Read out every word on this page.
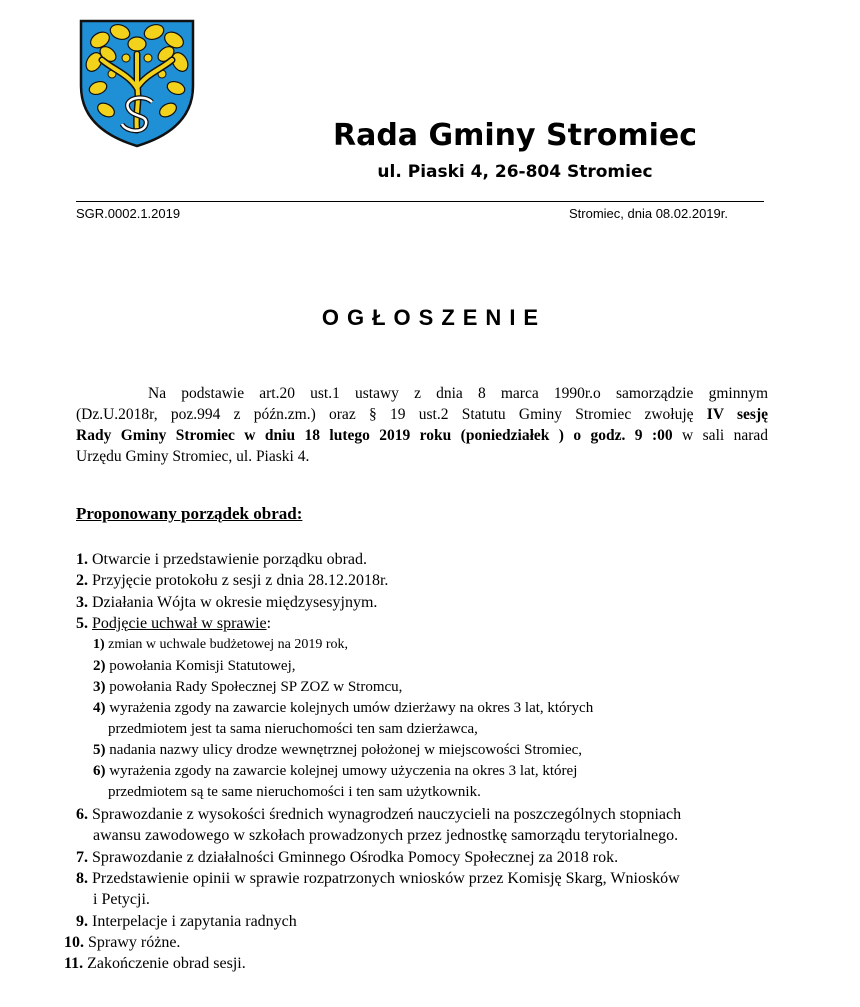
Rada Gminy Stromiec
ul. Piaski 4, 26-804 Stromiec
SGR.0002.1.2019	Stromiec, dnia 08.02.2019r.
OGŁOSZENIE
Na podstawie art.20 ust.1 ustawy z dnia 8 marca 1990r.o samorządzie gminnym
(Dz.U.2018r, poz.994 z późn.zm.) oraz § 19 ust.2 Statutu Gminy Stromiec zwołuję IV sesję
Rady Gminy Stromiec w dniu 18 lutego 2019 roku (poniedziałek ) o godz. 9 :00 w sali narad
Urzędu Gminy Stromiec, ul. Piaski 4.
Proponowany porządek obrad:
1. Otwarcie i przedstawienie porządku obrad.
2. Przyjęcie protokołu z sesji z dnia 28.12.2018r.
3. Działania Wójta w okresie międzysesyjnym.
5. Podjęcie uchwał w sprawie:
1) zmian w uchwale budżetowej na 2019 rok,
2) powołania Komisji Statutowej,
3) powołania Rady Społecznej SP ZOZ w Stromcu,
4) wyrażenia zgody na zawarcie kolejnych umów dzierżawy na okres 3 lat, których
przedmiotem jest ta sama nieruchomości ten sam dzierżawca,
5) nadania nazwy ulicy drodze wewnętrznej położonej w miejscowości Stromiec,
6) wyrażenia zgody na zawarcie kolejnej umowy użyczenia na okres 3 lat, której
przedmiotem są te same nieruchomości i ten sam użytkownik.
6. Sprawozdanie z wysokości średnich wynagrodzeń nauczycieli na poszczególnych stopniach
awansu zawodowego w szkołach prowadzonych przez jednostkę samorządu terytorialnego.
7. Sprawozdanie z działalności Gminnego Ośrodka Pomocy Społecznej za 2018 rok.
8. Przedstawienie opinii w sprawie rozpatrzonych wniosków przez Komisję Skarg, Wniosków
i Petycji.
9. Interpelacje i zapytania radnych
10. Sprawy różne.
11. Zakończenie obrad sesji.
